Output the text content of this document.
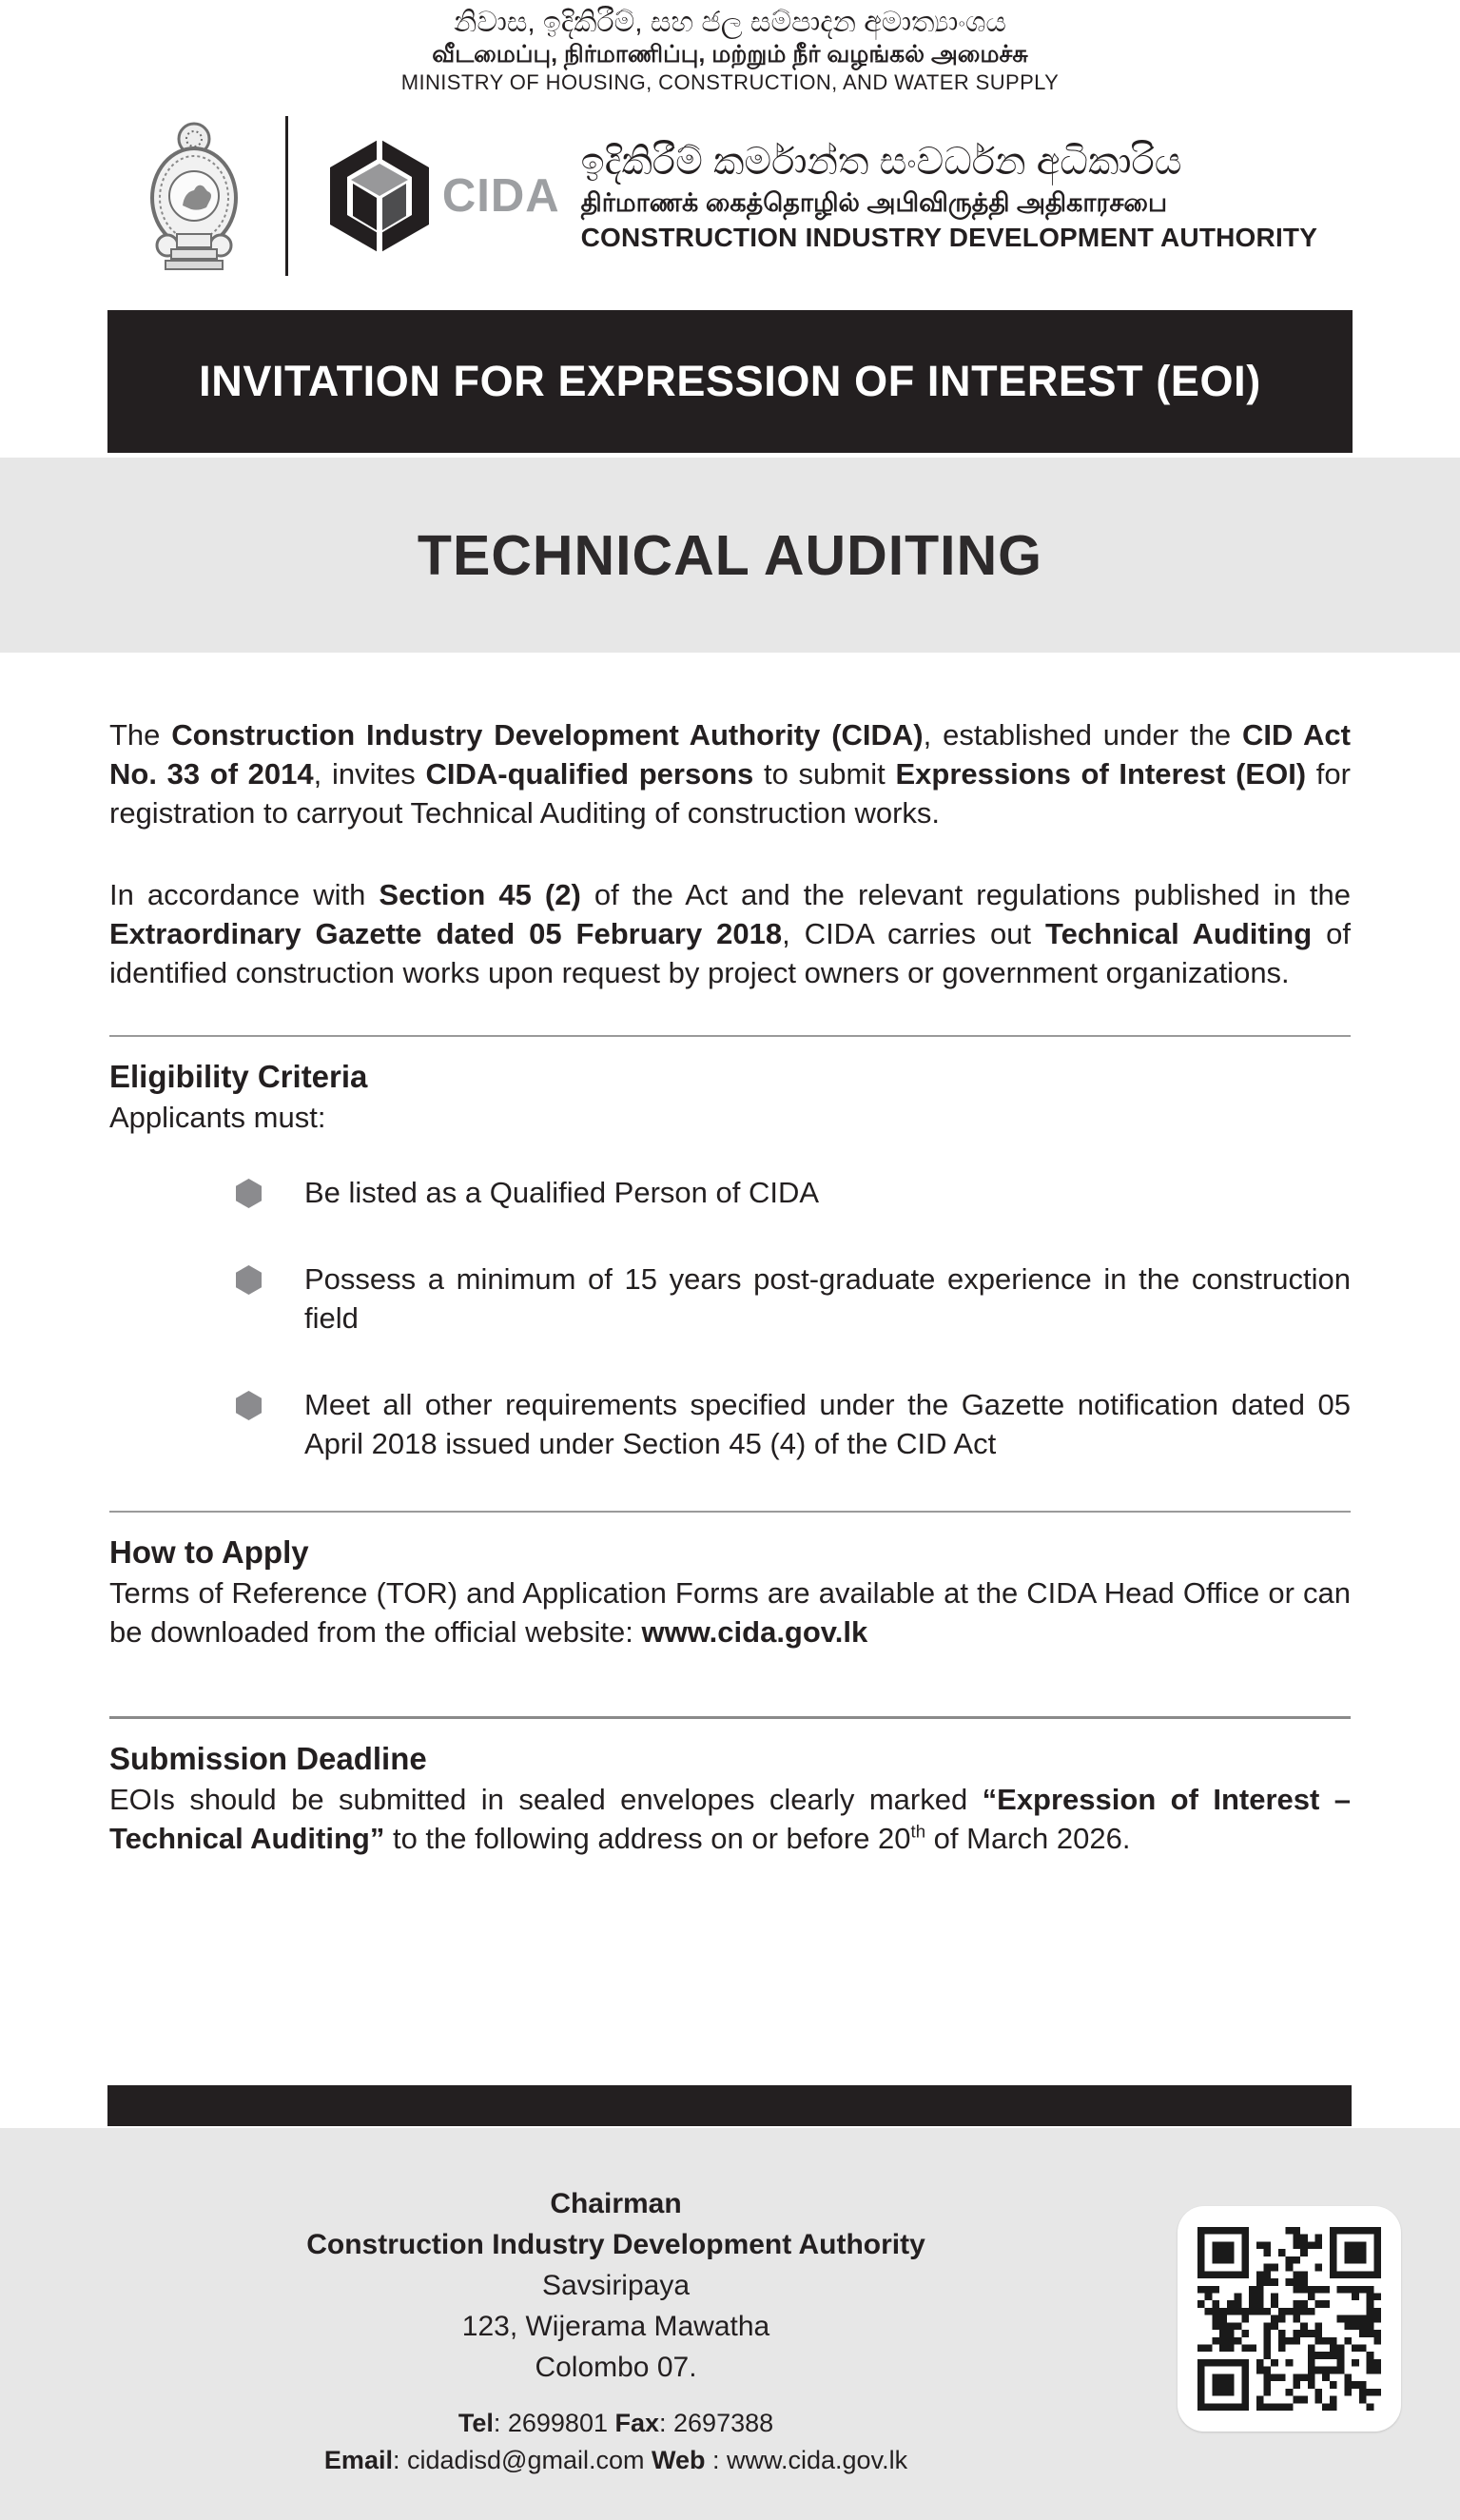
නිවාස, ඉදිකිරීම්, සහ ජල සම්පාදන අමාත්‍යාංශය
வீடமைப்பு, நிர்மாணிப்பு, மற்றும் நீர் வழங்கல் அமைச்சு
MINISTRY OF HOUSING, CONSTRUCTION, AND WATER SUPPLY
CIDA
ඉදිකිරීම් කර්මාන්ත සංවර්ධන අධිකාරිය
திர்மாணக் கைத்தொழில் அபிவிருத்தி அதிகாரசபை
CONSTRUCTION INDUSTRY DEVELOPMENT AUTHORITY
INVITATION FOR EXPRESSION OF INTEREST (EOI)
TECHNICAL AUDITING

The Construction Industry Development Authority (CIDA), established under the CID Act No. 33 of 2014, invites CIDA-qualified persons to submit Expressions of Interest (EOI) for registration to carryout Technical Auditing of construction works.

In accordance with Section 45 (2) of the Act and the relevant regulations published in the Extraordinary Gazette dated 05 February 2018, CIDA carries out Technical Auditing of identified construction works upon request by project owners or government organizations.

Eligibility Criteria
Applicants must:
Be listed as a Qualified Person of CIDA
Possess a minimum of 15 years post-graduate experience in the construction field
Meet all other requirements specified under the Gazette notification dated 05 April 2018 issued under Section 45 (4) of the CID Act
How to Apply

Terms of Reference (TOR) and Application Forms are available at the CIDA Head Office or can be downloaded from the official website: www.cida.gov.lk

Submission Deadline

EOIs should be submitted in sealed envelopes clearly marked “Expression of Interest – Technical Auditing” to the following address on or before 20th of March 2026.

Chairman
Construction Industry Development Authority
Savsiripaya
123, Wijerama Mawatha
Colombo 07.
Tel: 2699801 Fax: 2697388
Email: cidadisd@gmail.com Web : www.cida.gov.lk
